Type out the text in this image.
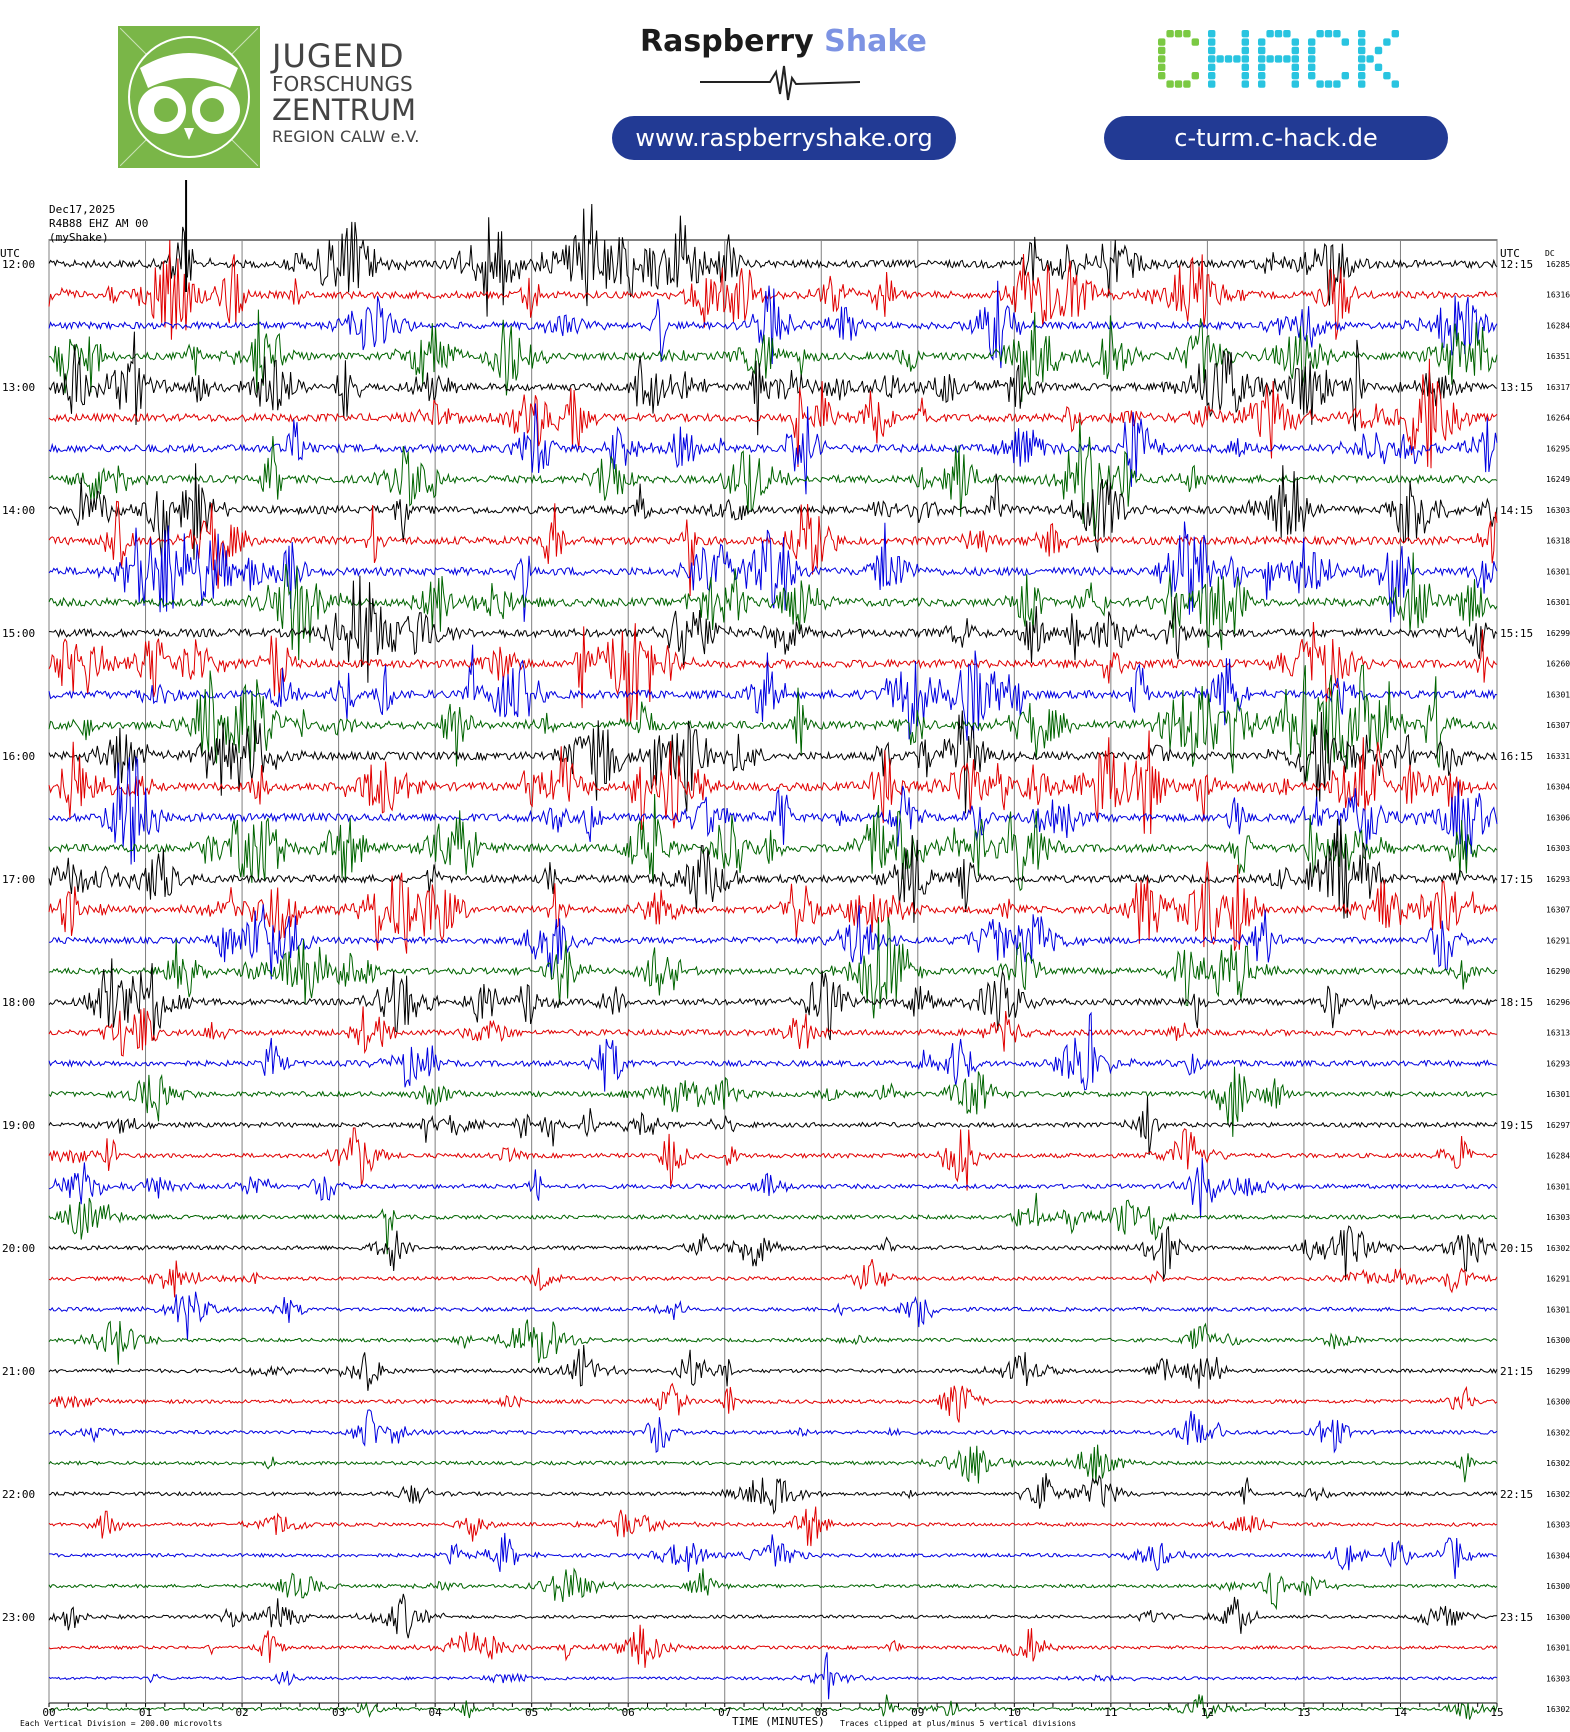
JUGEND
FORSCHUNGS
ZENTRUM
REGION CALW e.V.
Raspberry Shake
www.raspberryshake.org	c-turm.c-hack.de
Dec17,2025
R4B88 EHZ AM 00
(myShake)
UTC	UTC	DC
TIME (MINUTES)
Each Vertical Division = 200.00 microvolts	Traces clipped at plus/minus 5 vertical divisions
00	01	02	03	04	05	06	07	08	09	10	11	12	13	14	15
16285
12:00	12:15
16316
16284
16351
16317
13:00	13:15
16264
16295
16249
16303
14:00	14:15
16318
16301
16301
16299
15:00	15:15
16260
16301
16307
16331
16:00	16:15
16304
16306
16303
16293
17:00	17:15
16307
16291
16290
16296
18:00	18:15
16313
16293
16301
16297
19:00	19:15
16284
16301
16303
16302
20:00	20:15
16291
16301
16300
16299
21:00	21:15
16300
16302
16302
16302
22:00	22:15
16303
16304
16300
16300
23:00	23:15
16301
16303
16302
